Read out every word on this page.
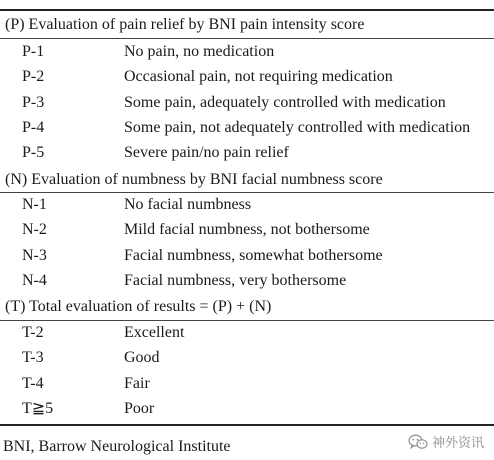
(P) Evaluation of pain relief by BNI pain intensity score
P-1	No pain, no medication
P-2	Occasional pain, not requiring medication
P-3	Some pain, adequately controlled with medication
P-4	Some pain, not adequately controlled with medication
P-5	Severe pain/no pain relief
(N) Evaluation of numbness by BNI facial numbness score
N-1	No facial numbness
N-2	Mild facial numbness, not bothersome
N-3	Facial numbness, somewhat bothersome
N-4	Facial numbness, very bothersome
(T) Total evaluation of results = (P) + (N)
T-2	Excellent
T-3	Good
T-4	Fair
T≧5	Poor
BNI, Barrow Neurological Institute	神外资讯
